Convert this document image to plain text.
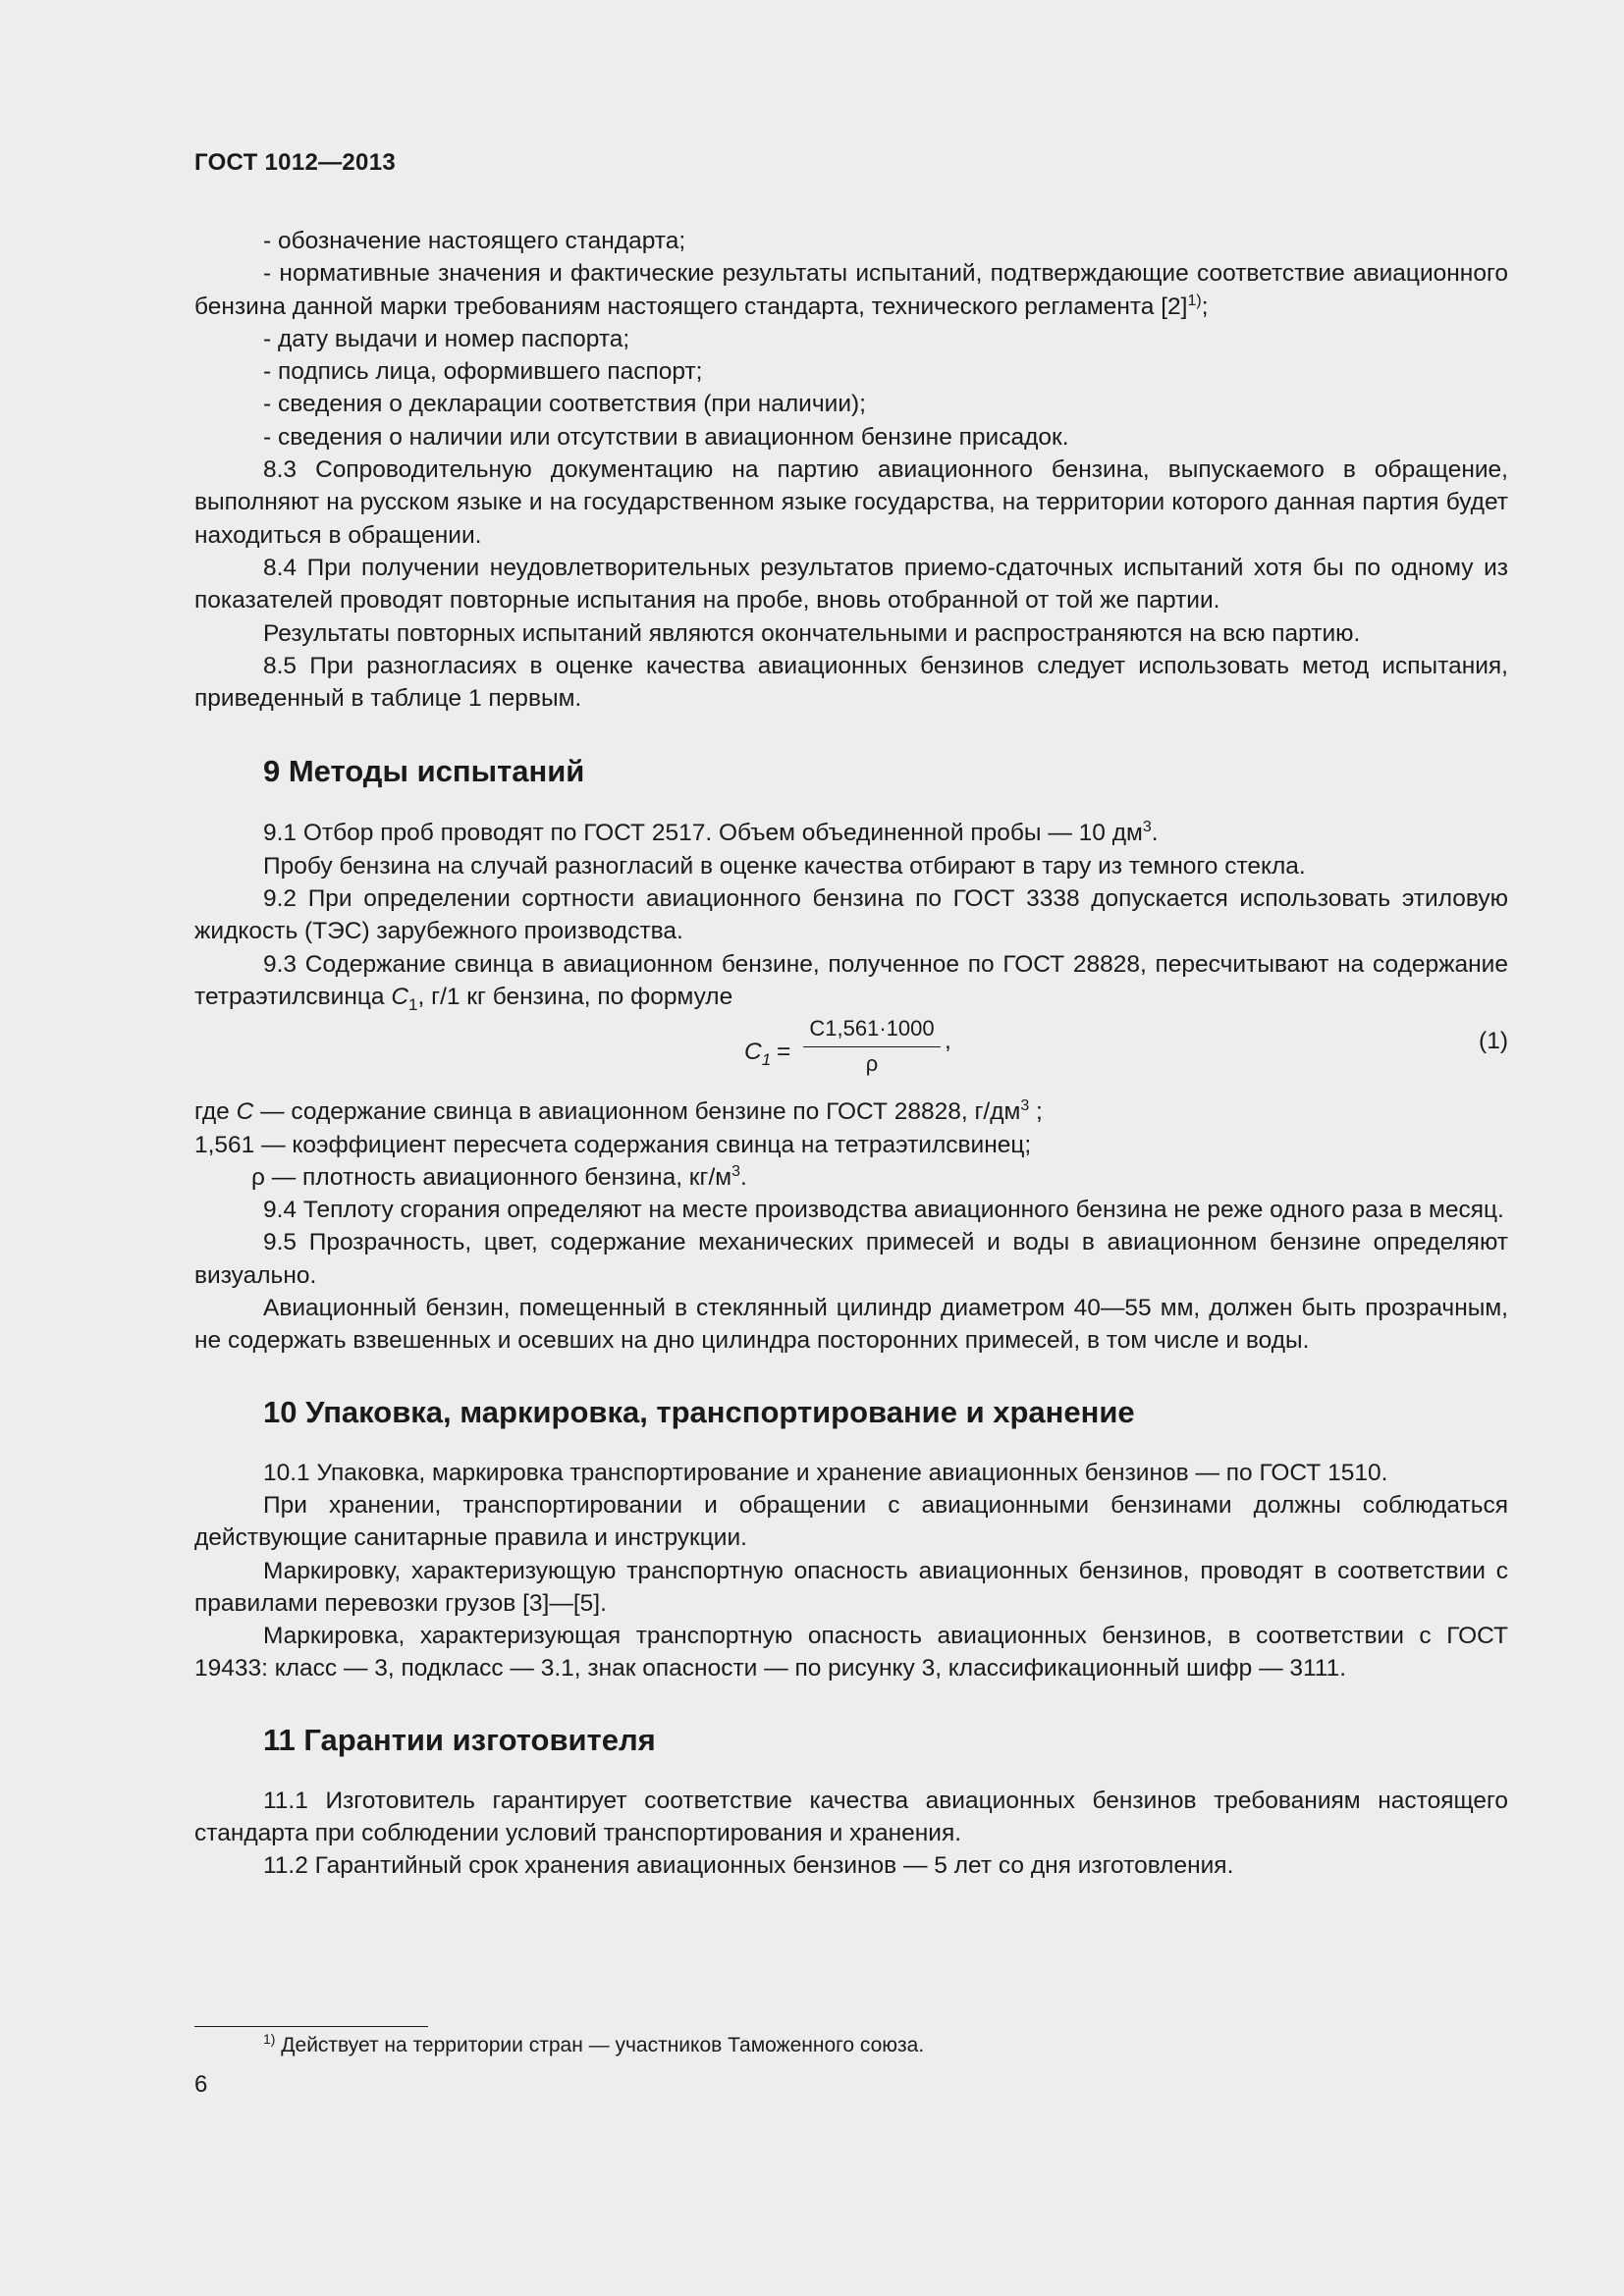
ГОСТ 1012—2013

- обозначение настоящего стандарта;

- нормативные значения и фактические результаты испытаний, подтверждающие соответствие авиационного бензина данной марки требованиям настоящего стандарта, технического регламента $[2]^{1)}$;

- дату выдачи и номер паспорта;

- подпись лица, оформившего паспорт;

- сведения о декларации соответствия (при наличии);

- сведения о наличии или отсутствии в авиационном бензине присадок.

8.3 Сопроводительную документацию на партию авиационного бензина, выпускаемого в обращение, выполняют на русском языке и на государственном языке государства, на территории которого данная партия будет находиться в обращении.

8.4 При получении неудовлетворительных результатов приемо-сдаточных испытаний хотя бы по одному из показателей проводят повторные испытания на пробе, вновь отобранной от той же партии.

Результаты повторных испытаний являются окончательными и распространяются на всю партию.

8.5 При разногласиях в оценке качества авиационных бензинов следует использовать метод испытания, приведенный в таблице 1 первым.

9 Методы испытаний

9.1 Отбор проб проводят по ГОСТ 2517. Объем объединенной пробы — 10 $дм^3$.

Пробу бензина на случай разногласий в оценке качества отбирают в тару из темного стекла.

9.2 При определении сортности авиационного бензина по ГОСТ 3338 допускается использовать этиловую жидкость (ТЭС) зарубежного производства.

9.3 Содержание свинца в авиационном бензине, полученное по ГОСТ 28828, пересчитывают на содержание тетраэтилсвинца $C_1$, г/1 кг бензина, по формуле

$C_1$ =
C1,561·1000
ρ
,	(1)

где C — содержание свинца в авиационном бензине по ГОСТ 28828, $г/дм^3$ ;

1,561 — коэффициент пересчета содержания свинца на тетраэтилсвинец;

ρ — плотность авиационного бензина, $кг/м^3$.

9.4 Теплоту сгорания определяют на месте производства авиационного бензина не реже одного раза в месяц.

9.5 Прозрачность, цвет, содержание механических примесей и воды в авиационном бензине определяют визуально.

Авиационный бензин, помещенный в стеклянный цилиндр диаметром 40—55 мм, должен быть прозрачным, не содержать взвешенных и осевших на дно цилиндра посторонних примесей, в том числе и воды.

10 Упаковка, маркировка, транспортирование и хранение

10.1 Упаковка, маркировка транспортирование и хранение авиационных бензинов — по ГОСТ 1510.

При хранении, транспортировании и обращении с авиационными бензинами должны соблюдаться действующие санитарные правила и инструкции.

Маркировку, характеризующую транспортную опасность авиационных бензинов, проводят в соответствии с правилами перевозки грузов [3]—[5].

Маркировка, характеризующая транспортную опасность авиационных бензинов, в соответствии с ГОСТ 19433: класс — 3, подкласс — 3.1, знак опасности — по рисунку 3, классификационный шифр — 3111.

11 Гарантии изготовителя

11.1 Изготовитель гарантирует соответствие качества авиационных бензинов требованиям настоящего стандарта при соблюдении условий транспортирования и хранения.

11.2 Гарантийный срок хранения авиационных бензинов — 5 лет со дня изготовления.

$^{1)}$ Действует на территории стран — участников Таможенного союза.
6
